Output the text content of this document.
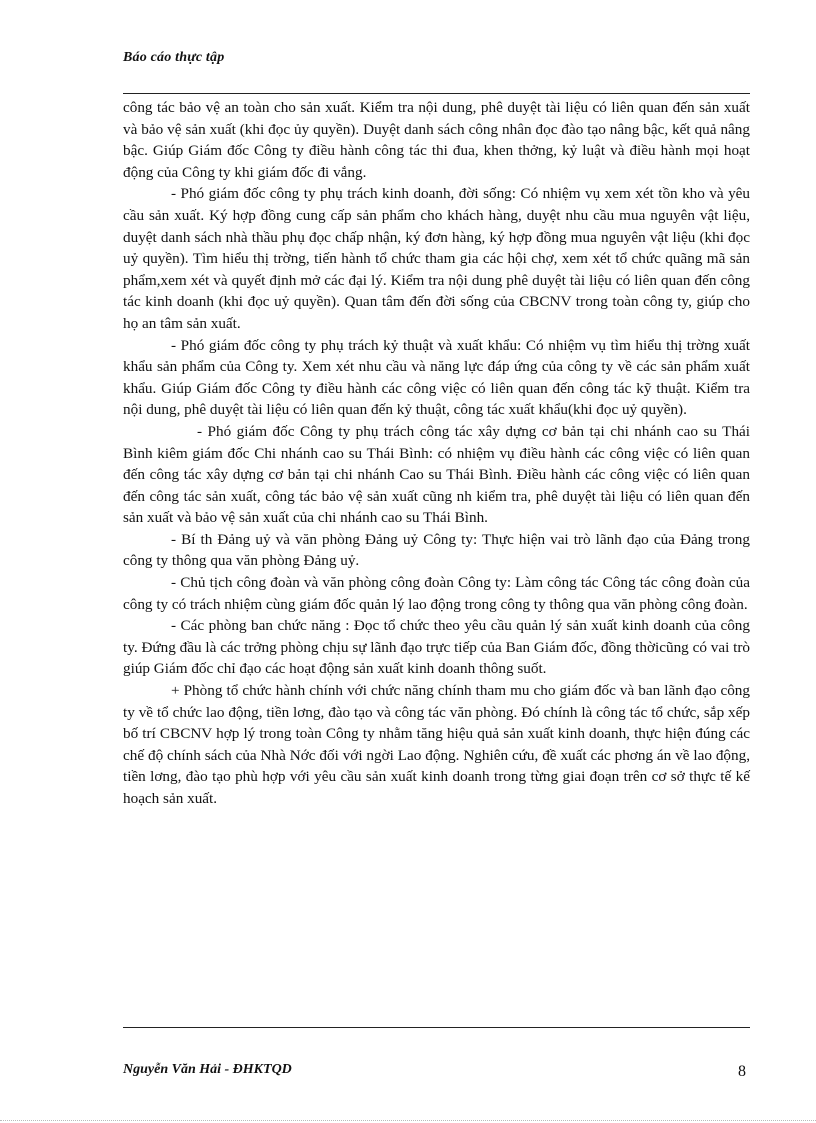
Báo cáo thực tập

công tác bảo vệ an toàn cho sản xuất. Kiểm tra nội dung, phê duyệt tài liệu có liên quan đến sản xuất và bảo vệ sản xuất (khi đọc ủy quyền). Duyệt danh sách công nhân đọc đào tạo nâng bậc, kết quả nâng bậc. Giúp Giám đốc Công ty điều hành công tác thi đua, khen thởng, kỷ luật và điều hành mọi hoạt động của Công ty khi giám đốc đi vắng.

- Phó giám đốc công ty phụ trách kinh doanh, đời sống: Có nhiệm vụ xem xét tồn kho và yêu cầu sản xuất. Ký hợp đồng cung cấp sản phẩm cho khách hàng, duyệt nhu cầu mua nguyên vật liệu, duyệt danh sách nhà thầu phụ đọc chấp nhận, ký đơn hàng, ký hợp đồng mua nguyên vật liệu (khi đọc uỷ quyền). Tìm hiểu thị trờng, tiến hành tổ chức tham gia các hội chợ, xem xét tổ chức quãng mã sản phẩm,xem xét và quyết định mở các đại lý. Kiểm tra nội dung phê duyệt tài liệu có liên quan đến công tác kinh doanh (khi đọc uỷ quyền). Quan tâm đến đời sống của CBCNV trong toàn công ty, giúp cho họ an tâm sản xuất.

- Phó giám đốc công ty phụ trách kỷ thuật và xuất khẩu: Có nhiệm vụ tìm hiểu thị trờng xuất khẩu sản phẩm của Công ty. Xem xét nhu cầu và năng lực đáp ứng của công ty về các sản phẩm xuất khẩu. Giúp Giám đốc Công ty điều hành các công việc có liên quan đến công tác kỹ thuật. Kiểm tra nội dung, phê duyệt tài liệu có liên quan đến kỷ thuật, công tác xuất khẩu(khi đọc uỷ quyền).

- Phó giám đốc Công ty phụ trách công tác xây dựng cơ bản tại chi nhánh cao su Thái Bình kiêm giám đốc Chi nhánh cao su Thái Bình: có nhiệm vụ điều hành các công việc có liên quan đến công tác xây dựng cơ bản tại chi nhánh Cao su Thái Bình. Điều hành các công việc có liên quan đến công tác sản xuất, công tác bảo vệ sản xuất cũng nh kiểm tra, phê duyệt tài liệu có liên quan đến sản xuất và bảo vệ sản xuất của chi nhánh cao su Thái Bình.

- Bí th Đảng uỷ và văn phòng Đảng uỷ Công ty: Thực hiện vai trò lãnh đạo của Đảng trong công ty thông qua văn phòng Đảng uỷ.

- Chủ tịch công đoàn và văn phòng công đoàn Công ty: Làm công tác Công tác công đoàn của công ty có trách nhiệm cùng giám đốc quản lý lao động trong công ty thông qua văn phòng công đoàn.

- Các phòng ban chức năng : Đọc tổ chức theo yêu cầu quản lý sản xuất kinh doanh của công ty. Đứng đầu là các trởng phòng chịu sự lãnh đạo trực tiếp của Ban Giám đốc, đồng thờicũng có vai trò giúp Giám đốc chỉ đạo các hoạt động sản xuất kinh doanh thông suốt.

+ Phòng tổ chức hành chính với chức năng chính tham mu cho giám đốc và ban lãnh đạo công ty về tổ chức lao động, tiền lơng, đào tạo và công tác văn phòng. Đó chính là công tác tổ chức, sắp xếp bố trí CBCNV hợp lý trong toàn Công ty nhằm tăng hiệu quả sản xuất kinh doanh, thực hiện đúng các chế độ chính sách của Nhà Nớc đối với ngời Lao động. Nghiên cứu, đề xuất các phơng án về lao động, tiền lơng, đào tạo phù hợp với yêu cầu sản xuất kinh doanh trong từng giai đoạn trên cơ sở thực tế kế hoạch sản xuất.

Nguyễn Văn Hải - ĐHKTQD	8
